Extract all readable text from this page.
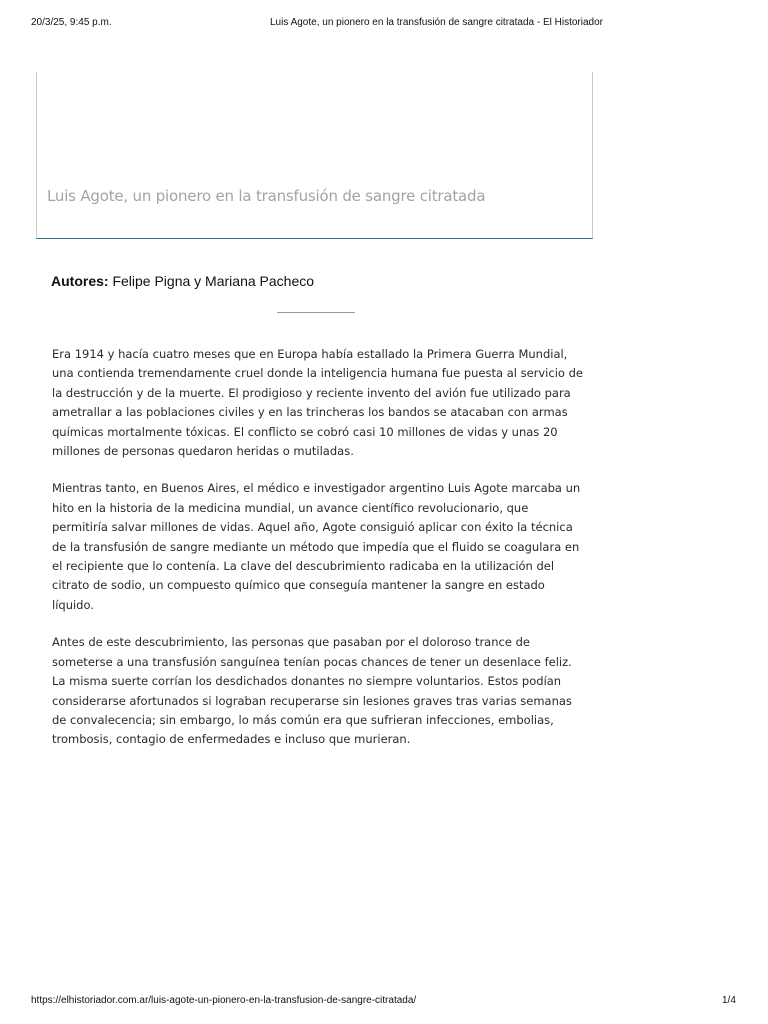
20/3/25, 9:45 p.m.	Luis Agote, un pionero en la transfusión de sangre citratada - El Historiador
Luis Agote, un pionero en la transfusión de sangre citratada
Autores: Felipe Pigna y Mariana Pacheco

Era 1914 y hacía cuatro meses que en Europa había estallado la Primera Guerra Mundial, una contienda tremendamente cruel donde la inteligencia humana fue puesta al servicio de la destrucción y de la muerte. El prodigioso y reciente invento del avión fue utilizado para ametrallar a las poblaciones civiles y en las trincheras los bandos se atacaban con armas químicas mortalmente tóxicas. El conflicto se cobró casi 10 millones de vidas y unas 20 millones de personas quedaron heridas o mutiladas.

Mientras tanto, en Buenos Aires, el médico e investigador argentino Luis Agote marcaba un hito en la historia de la medicina mundial, un avance científico revolucionario, que permitiría salvar millones de vidas. Aquel año, Agote consiguió aplicar con éxito la técnica de la transfusión de sangre mediante un método que impedía que el fluido se coagulara en el recipiente que lo contenía. La clave del descubrimiento radicaba en la utilización del citrato de sodio, un compuesto químico que conseguía mantener la sangre en estado líquido.

Antes de este descubrimiento, las personas que pasaban por el doloroso trance de someterse a una transfusión sanguínea tenían pocas chances de tener un desenlace feliz. La misma suerte corrían los desdichados donantes no siempre voluntarios. Estos podían considerarse afortunados si lograban recuperarse sin lesiones graves tras varias semanas de convalecencia; sin embargo, lo más común era que sufrieran infecciones, embolias, trombosis, contagio de enfermedades e incluso que murieran.

https://elhistoriador.com.ar/luis-agote-un-pionero-en-la-transfusion-de-sangre-citratada/	1/4
